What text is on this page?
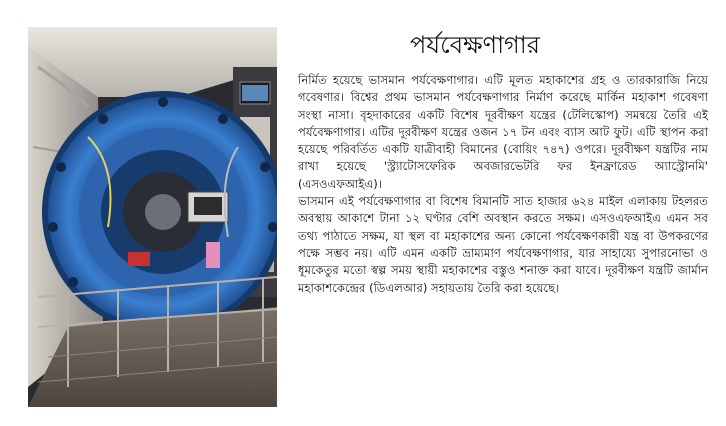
পর্যবেক্ষণাগার

নির্মিত হয়েছে ভাসমান পর্যবেক্ষণাগার। এটি মূলত মহাকাশের গ্রহ ও তারকারাজি নিয়ে গবেষণার। বিশ্বের প্রথম ভাসমান পর্যবেক্ষণাগার নির্মাণ করেছে মার্কিন মহাকাশ গবেষণা সংস্থা নাসা। বৃহদাকারের একটি বিশেষ দূরবীক্ষণ যন্ত্রের (টেলিস্কোপ) সমন্বয়ে তৈরি এই পর্যবেক্ষণাগার। এটির দূরবীক্ষণ যন্ত্রের ওজন ১৭ টন এবং ব্যাস আট ফুট। এটি স্থাপন করা হয়েছে পরিবর্তিত একটি যাত্রীবাহী বিমানের (বোয়িং ৭৪৭) ওপরে। দূরবীক্ষণ যন্ত্রটির নাম রাখা হয়েছে 'স্ট্র্যাটোসফেরিক অবজারভেটরি ফর ইনফ্রারেড অ্যাস্ট্রোনমি' (এসওএফআইএ)।

ভাসমান এই পর্যবেক্ষণাগার বা বিশেষ বিমানটি সাত হাজার ৬২৪ মাইল এলাকায় টহলরত অবস্থায় আকাশে টানা ১২ ঘণ্টার বেশি অবস্থান করতে সক্ষম। এসওএফআইএ এমন সব তথ্য পাঠাতে সক্ষম, যা স্থল বা মহাকাশের অন্য কোনো পর্যবেক্ষণকারী যন্ত্র বা উপকরণের পক্ষে সম্ভব নয়। এটি এমন একটি ভ্রাম্যমাণ পর্যবেক্ষণাগার, যার সাহায্যে সুপারনোভা ও ধূমকেতুর মতো স্বল্প সময় স্থায়ী মহাকাশের বস্তুও শনাক্ত করা যাবে। দূরবীক্ষণ যন্ত্রটি জার্মান মহাকাশকেন্দ্রের (ডিএলআর) সহায়তায় তৈরি করা হয়েছে।
